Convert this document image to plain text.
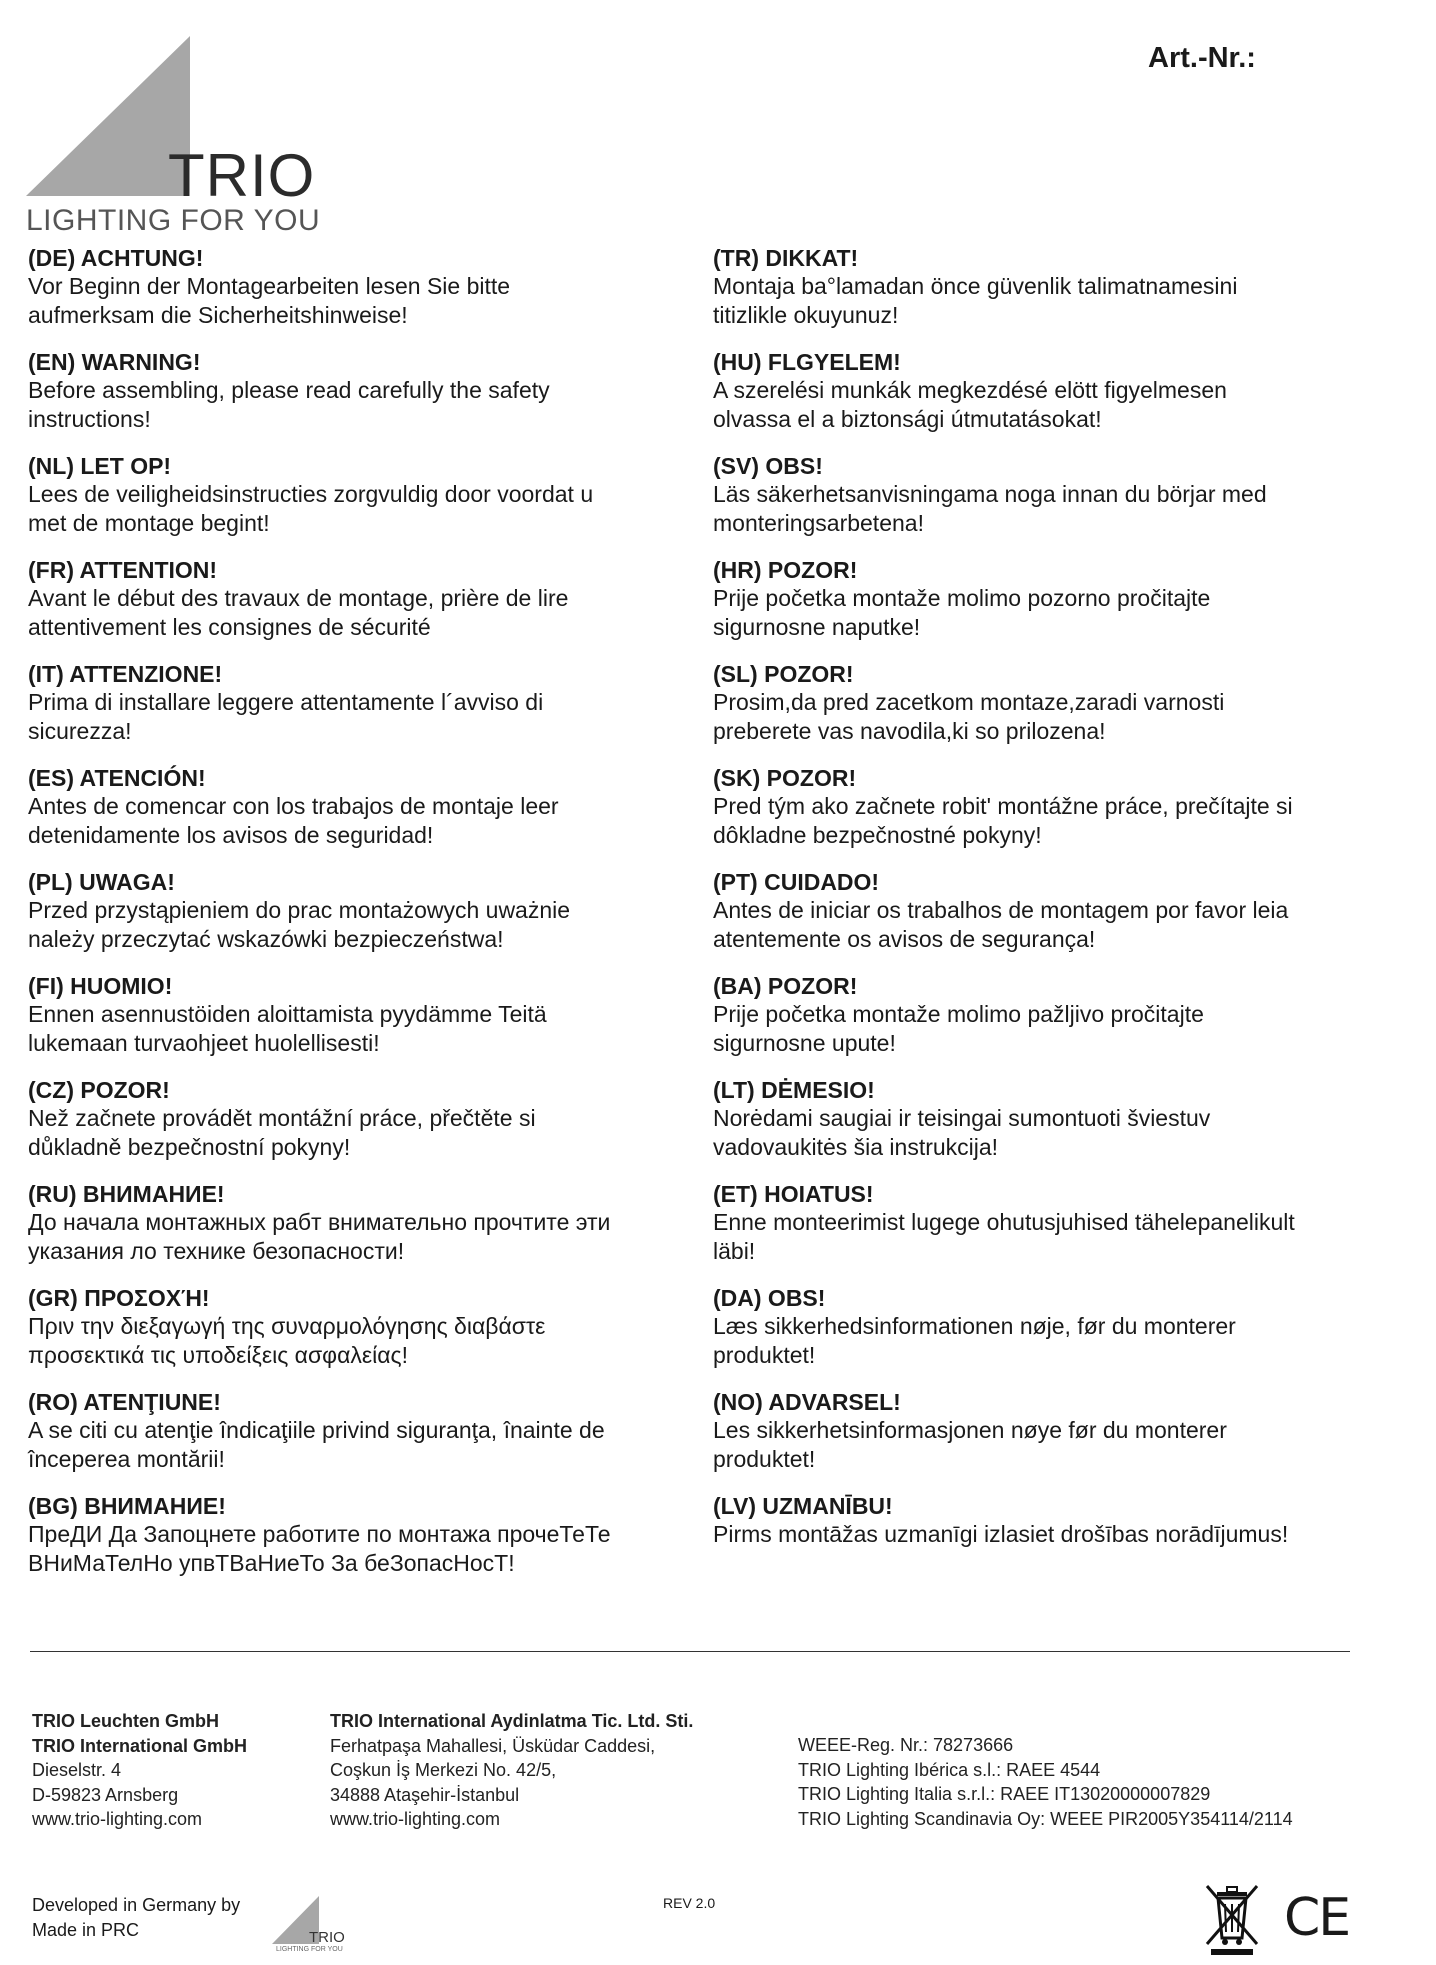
TRIO
LIGHTING FOR YOU
Art.-Nr.:
(DE) ACHTUNG!
Vor Beginn der Montagearbeiten lesen Sie bitte
aufmerksam die Sicherheitshinweise!
(EN) WARNING!
Before assembling, please read carefully the safety
instructions!
(NL) LET OP!
Lees de veiligheidsinstructies zorgvuldig door voordat u
met de montage begint!
(FR) ATTENTION!
Avant le début des travaux de montage, prière de lire
attentivement les consignes de sécurité
(IT) ATTENZIONE!
Prima di installare leggere attentamente l´avviso di
sicurezza!
(ES) ATENCIÓN!
Antes de comencar con los trabajos de montaje leer
detenidamente los avisos de seguridad!
(PL) UWAGA!
Przed przystąpieniem do prac montażowych uważnie
należy przeczytać wskazówki bezpieczeństwa!
(FI) HUOMIO!
Ennen asennustöiden aloittamista pyydämme Teitä
lukemaan turvaohjeet huolellisesti!
(CZ) POZOR!
Než začnete provádět montážní práce, přečtěte si
důkladně bezpečnostní pokyny!
(RU) ВНИМАНИЕ!
До начала монтажных рабт внимательно прочтите эти
указания ло технике безопасности!
(GR) ΠΡΟΣΟΧΉ!
Πριν την διεξαγωγή της συναρμολόγησης διαβάστε
προσεκτικά τις υποδείξεις ασφαλείας!
(RO) ATENŢIUNE!
A se citi cu atenţie îndicaţiile privind siguranţa, înainte de
începerea montării!
(BG) ВНИМАНИЕ!
ПреДИ Да Запоцнете работите по монтажа прочеТеТе
ВНиМаТелНо упвТВаНиеТо За беЗопасНосТ!
(TR) DIKKAT!
Montaja ba°lamadan önce güvenlik talimatnamesini
titizlikle okuyunuz!
(HU) FLGYELEM!
A szerelési munkák megkezdésé elött figyelmesen
olvassa el a biztonsági útmutatásokat!
(SV) OBS!
Läs säkerhetsanvisningama noga innan du börjar med
monteringsarbetena!
(HR) POZOR!
Prije početka montaže molimo pozorno pročitajte
sigurnosne naputke!
(SL) POZOR!
Prosim,da pred zacetkom montaze,zaradi varnosti
preberete vas navodila,ki so prilozena!
(SK) POZOR!
Pred tým ako začnete robit' montážne práce, prečítajte si
dôkladne bezpečnostné pokyny!
(PT) CUIDADO!
Antes de iniciar os trabalhos de montagem por favor leia
atentemente os avisos de segurança!
(BA) POZOR!
Prije početka montaže molimo pažljivo pročitajte
sigurnosne upute!
(LT) DĖMESIO!
Norėdami saugiai ir teisingai sumontuoti šviestuv
vadovaukitės šia instrukcija!
(ET) HOIATUS!
Enne monteerimist lugege ohutusjuhised tähelepanelikult
läbi!
(DA) OBS!
Læs sikkerhedsinformationen nøje, før du monterer
produktet!
(NO) ADVARSEL!
Les sikkerhetsinformasjonen nøye før du monterer
produktet!
(LV) UZMANĪBU!
Pirms montāžas uzmanīgi izlasiet drošības norādījumus!
TRIO Leuchten GmbH
TRIO International GmbH
Dieselstr. 4
D-59823 Arnsberg
www.trio-lighting.com
TRIO International Aydinlatma Tic. Ltd. Sti.
Ferhatpaşa Mahallesi, Üsküdar Caddesi,
Coşkun İş Merkezi No. 42/5,
34888 Ataşehir-İstanbul
www.trio-lighting.com
WEEE-Reg. Nr.: 78273666
TRIO Lighting Ibérica s.l.: RAEE 4544
TRIO Lighting Italia s.r.l.: RAEE IT13020000007829
TRIO Lighting Scandinavia Oy: WEEE PIR2005Y354114/2114
Developed in Germany by
Made in PRC	TRIO
LIGHTING FOR YOU
REV 2.0	CE
